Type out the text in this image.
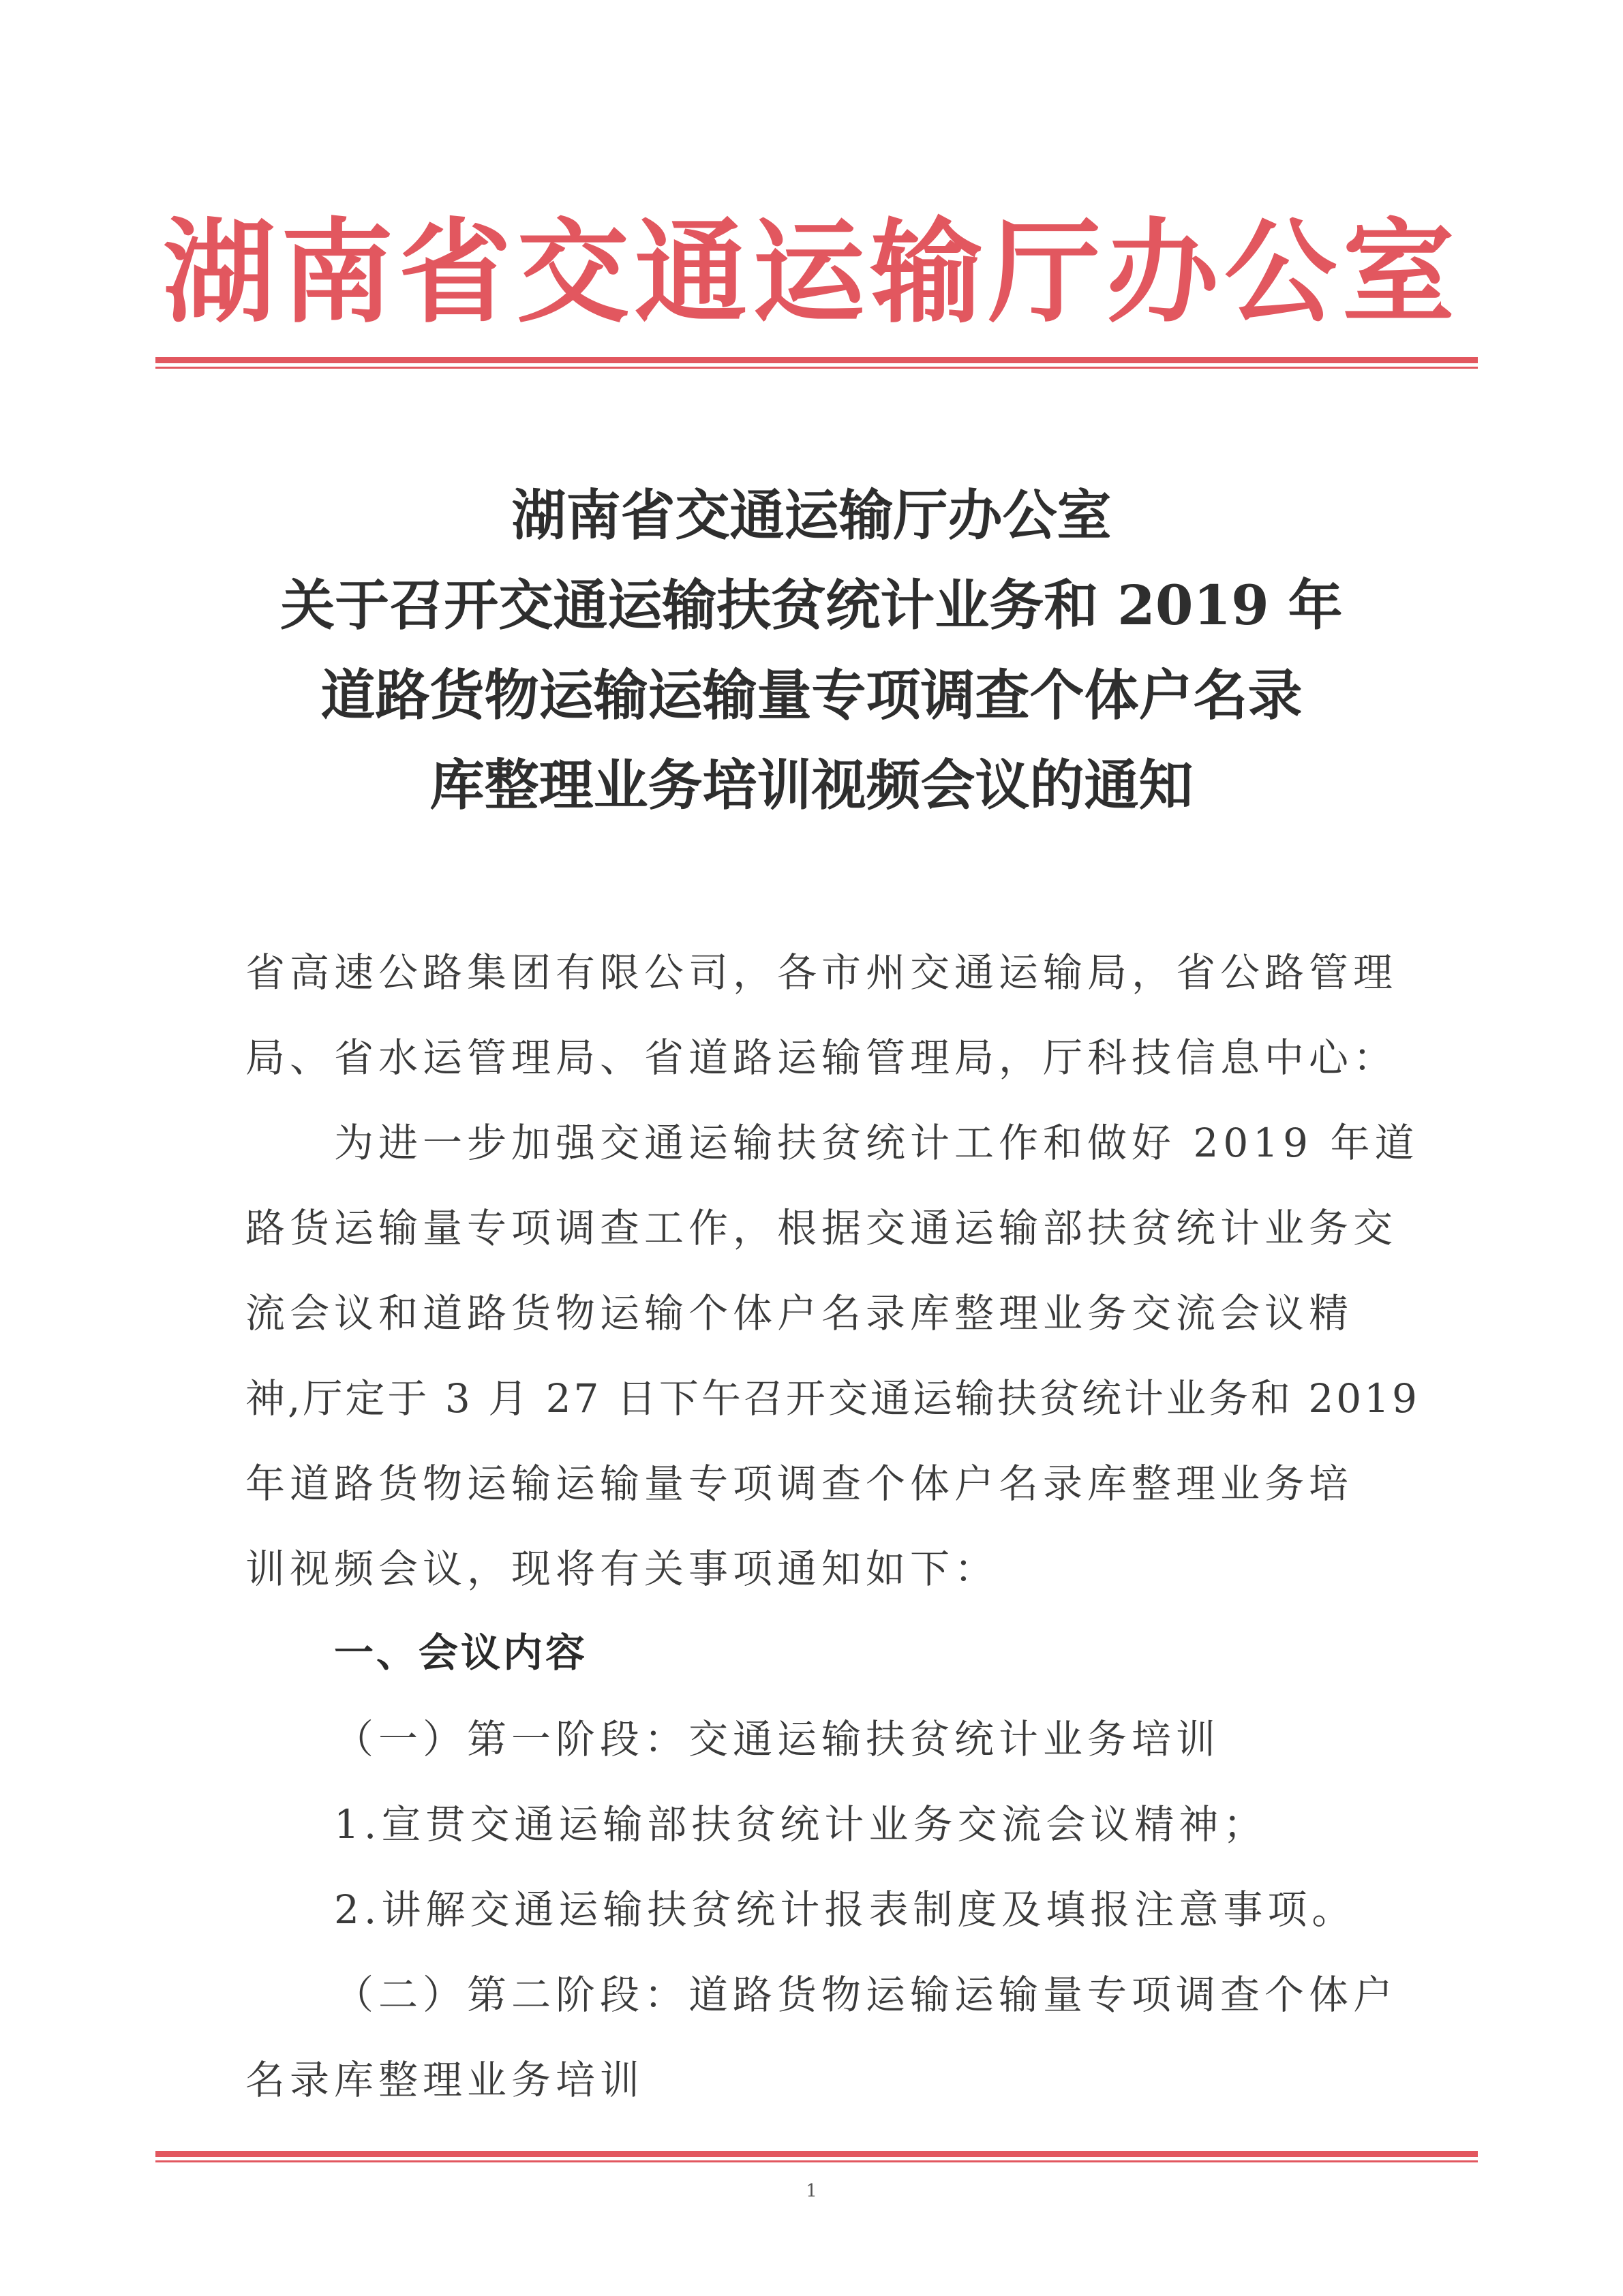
湖南省交通运输厅办公室
湖南省交通运输厅办公室
关于召开交通运输扶贫统计业务和 2019 年
道路货物运输运输量专项调查个体户名录
库整理业务培训视频会议的通知
省高速公路集团有限公司，各市州交通运输局，省公路管理
局、省水运管理局、省道路运输管理局，厅科技信息中心：
为进一步加强交通运输扶贫统计工作和做好 2019 年道
路货运输量专项调查工作，根据交通运输部扶贫统计业务交
流会议和道路货物运输个体户名录库整理业务交流会议精
神,厅定于 3 月 27 日下午召开交通运输扶贫统计业务和 2019
年道路货物运输运输量专项调查个体户名录库整理业务培
训视频会议，现将有关事项通知如下：
一、会议内容
（一）第一阶段：交通运输扶贫统计业务培训
1.宣贯交通运输部扶贫统计业务交流会议精神；
2.讲解交通运输扶贫统计报表制度及填报注意事项。
（二）第二阶段：道路货物运输运输量专项调查个体户
名录库整理业务培训
1
